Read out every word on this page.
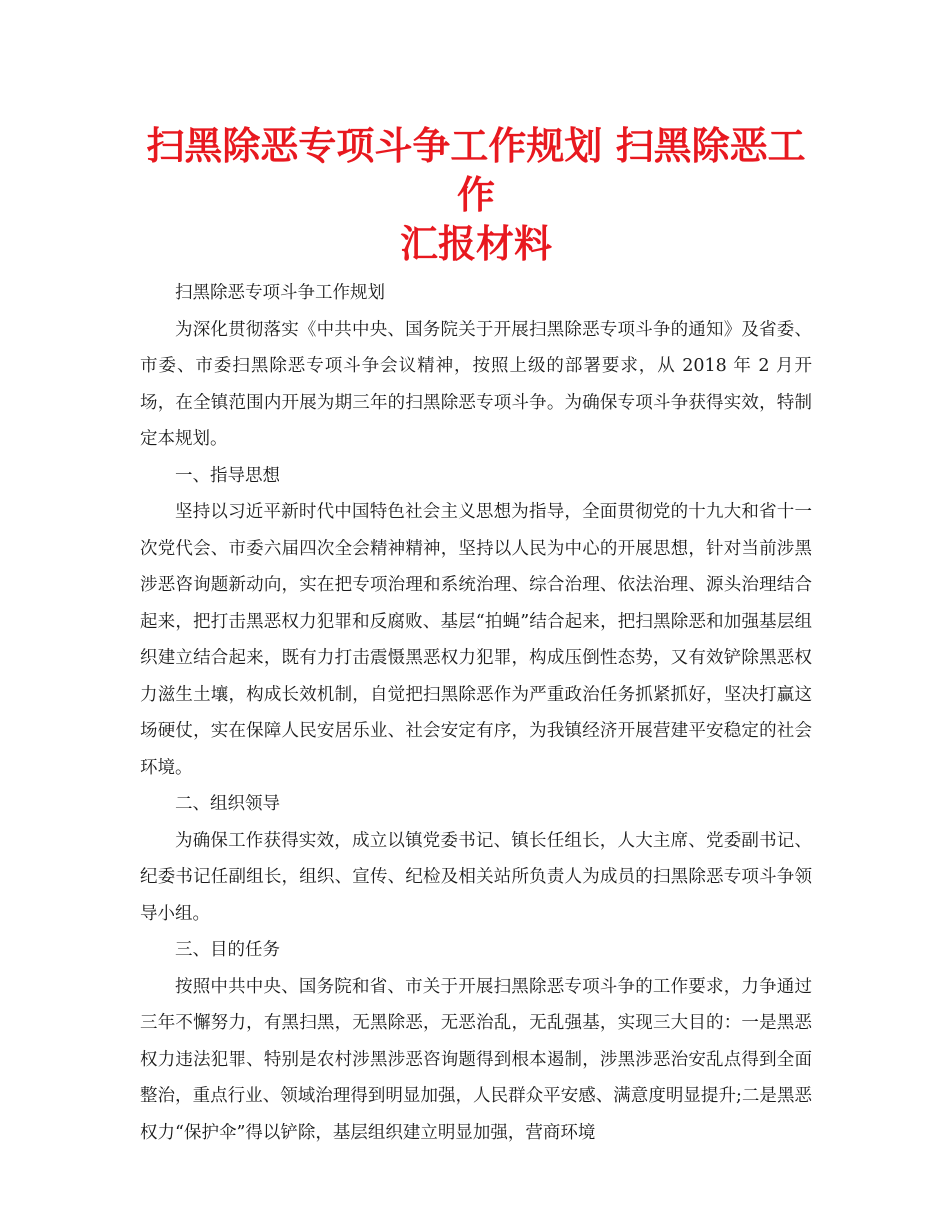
扫黑除恶专项斗争工作规划 扫黑除恶工作
汇报材料

扫黑除恶专项斗争工作规划

为深化贯彻落实《中共中央、国务院关于开展扫黑除恶专项斗争的通知》及省委、市委、市委扫黑除恶专项斗争会议精神，按照上级的部署要求，从 2018 年 2 月开场，在全镇范围内开展为期三年的扫黑除恶专项斗争。为确保专项斗争获得实效，特制定本规划。

一、指导思想

坚持以习近平新时代中国特色社会主义思想为指导，全面贯彻党的十九大和省十一次党代会、市委六届四次全会精神精神，坚持以人民为中心的开展思想，针对当前涉黑涉恶咨询题新动向，实在把专项治理和系统治理、综合治理、依法治理、源头治理结合起来，把打击黑恶权力犯罪和反腐败、基层“拍蝇”结合起来，把扫黑除恶和加强基层组织建立结合起来，既有力打击震慑黑恶权力犯罪，构成压倒性态势，又有效铲除黑恶权力滋生土壤，构成长效机制，自觉把扫黑除恶作为严重政治任务抓紧抓好，坚决打赢这场硬仗，实在保障人民安居乐业、社会安定有序，为我镇经济开展营建平安稳定的社会环境。

二、组织领导

为确保工作获得实效，成立以镇党委书记、镇长任组长，人大主席、党委副书记、纪委书记任副组长，组织、宣传、纪检及相关站所负责人为成员的扫黑除恶专项斗争领导小组。

三、目的任务

按照中共中央、国务院和省、市关于开展扫黑除恶专项斗争的工作要求，力争通过三年不懈努力，有黑扫黑，无黑除恶，无恶治乱，无乱强基，实现三大目的：一是黑恶权力违法犯罪、特别是农村涉黑涉恶咨询题得到根本遏制，涉黑涉恶治安乱点得到全面整治，重点行业、领域治理得到明显加强，人民群众平安感、满意度明显提升;二是黑恶权力“保护伞”得以铲除，基层组织建立明显加强，营商环境
